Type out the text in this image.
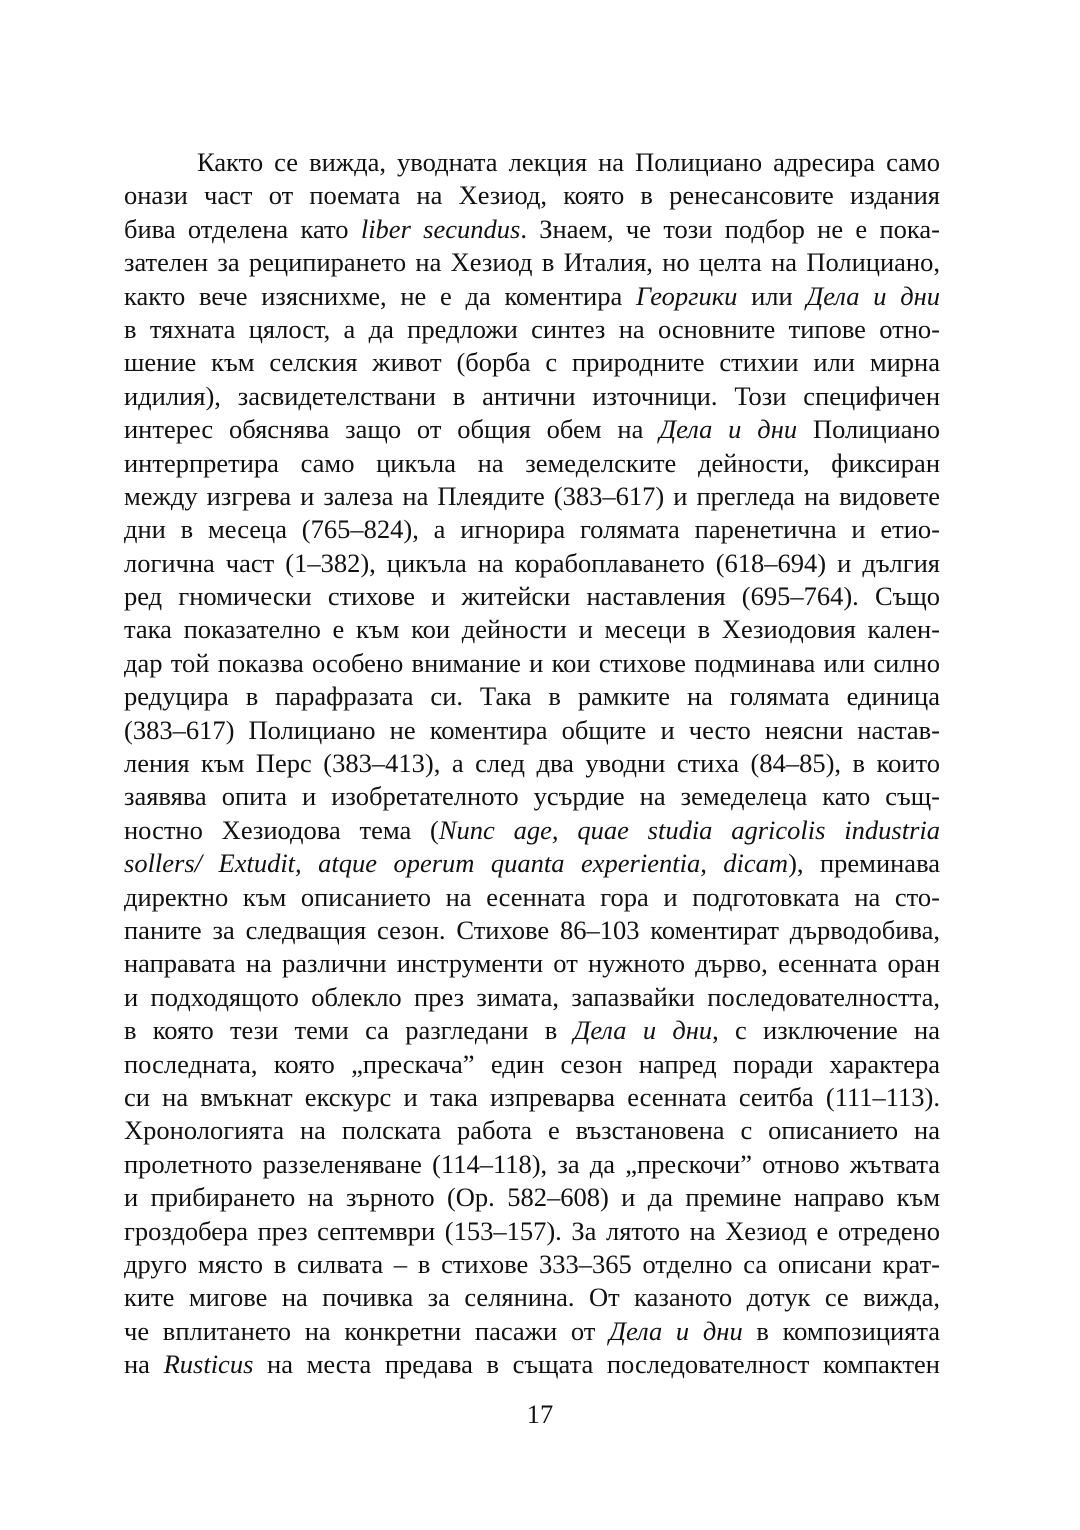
Както се вижда, уводната лекция на Полициано адресира само
онази част от поемата на Хезиод, която в ренесансовите издания
бива отделена като liber secundus. Знаем, че този подбор не е пока-
зателен за реципирането на Хезиод в Италия, но целта на Полициано,
както вече изяснихме, не е да коментира Георгики или Дела и дни
в тяхната цялост, а да предложи синтез на основните типове отно-
шение към селския живот (борба с природните стихии или мирна
идилия), засвидетелствани в антични източници. Този специфичен
интерес обяснява защо от общия обем на Дела и дни Полициано
интерпретира само цикъла на земеделските дейности, фиксиран
между изгрева и залеза на Плеядите (383–617) и прегледа на видовете
дни в месеца (765–824), а игнорира голямата паренетична и етио-
логична част (1–382), цикъла на корабоплаването (618–694) и дългия
ред гномически стихове и житейски наставления (695–764). Също
така показателно е към кои дейности и месеци в Хезиодовия кален-
дар той показва особено внимание и кои стихове подминава или силно
редуцира в парафразата си. Така в рамките на голямата единица
(383–617) Полициано не коментира общите и често неясни настав-
ления към Перс (383–413), а след два уводни стиха (84–85), в които
заявява опита и изобретателното усърдие на земеделеца като същ-
ностно Хезиодова тема (Nunc age, quae studia agricolis industria
sollers/ Extudit, atque operum quanta experientia, dicam), преминава
директно към описанието на есенната гора и подготовката на сто-
паните за следващия сезон. Стихове 86–103 коментират дърводобива,
направата на различни инструменти от нужното дърво, есенната оран
и подходящото облекло през зимата, запазвайки последователността,
в която тези теми са разгледани в Дела и дни, с изключение на
последната, която „прескача” един сезон напред поради характера
си на вмъкнат екскурс и така изпреварва есенната сеитба (111–113).
Хронологията на полската работа е възстановена с описанието на
пролетното раззеленяване (114–118), за да „прескочи” отново жътвата
и прибирането на зърното (Op. 582–608) и да премине направо към
гроздобера през септември (153–157). За лятото на Хезиод е отредено
друго място в силвата – в стихове 333–365 отделно са описани крат-
ките мигове на почивка за селянина. От казаното дотук се вижда,
че вплитането на конкретни пасажи от Дела и дни в композицията
на Rusticus на места предава в същата последователност компактен
17
